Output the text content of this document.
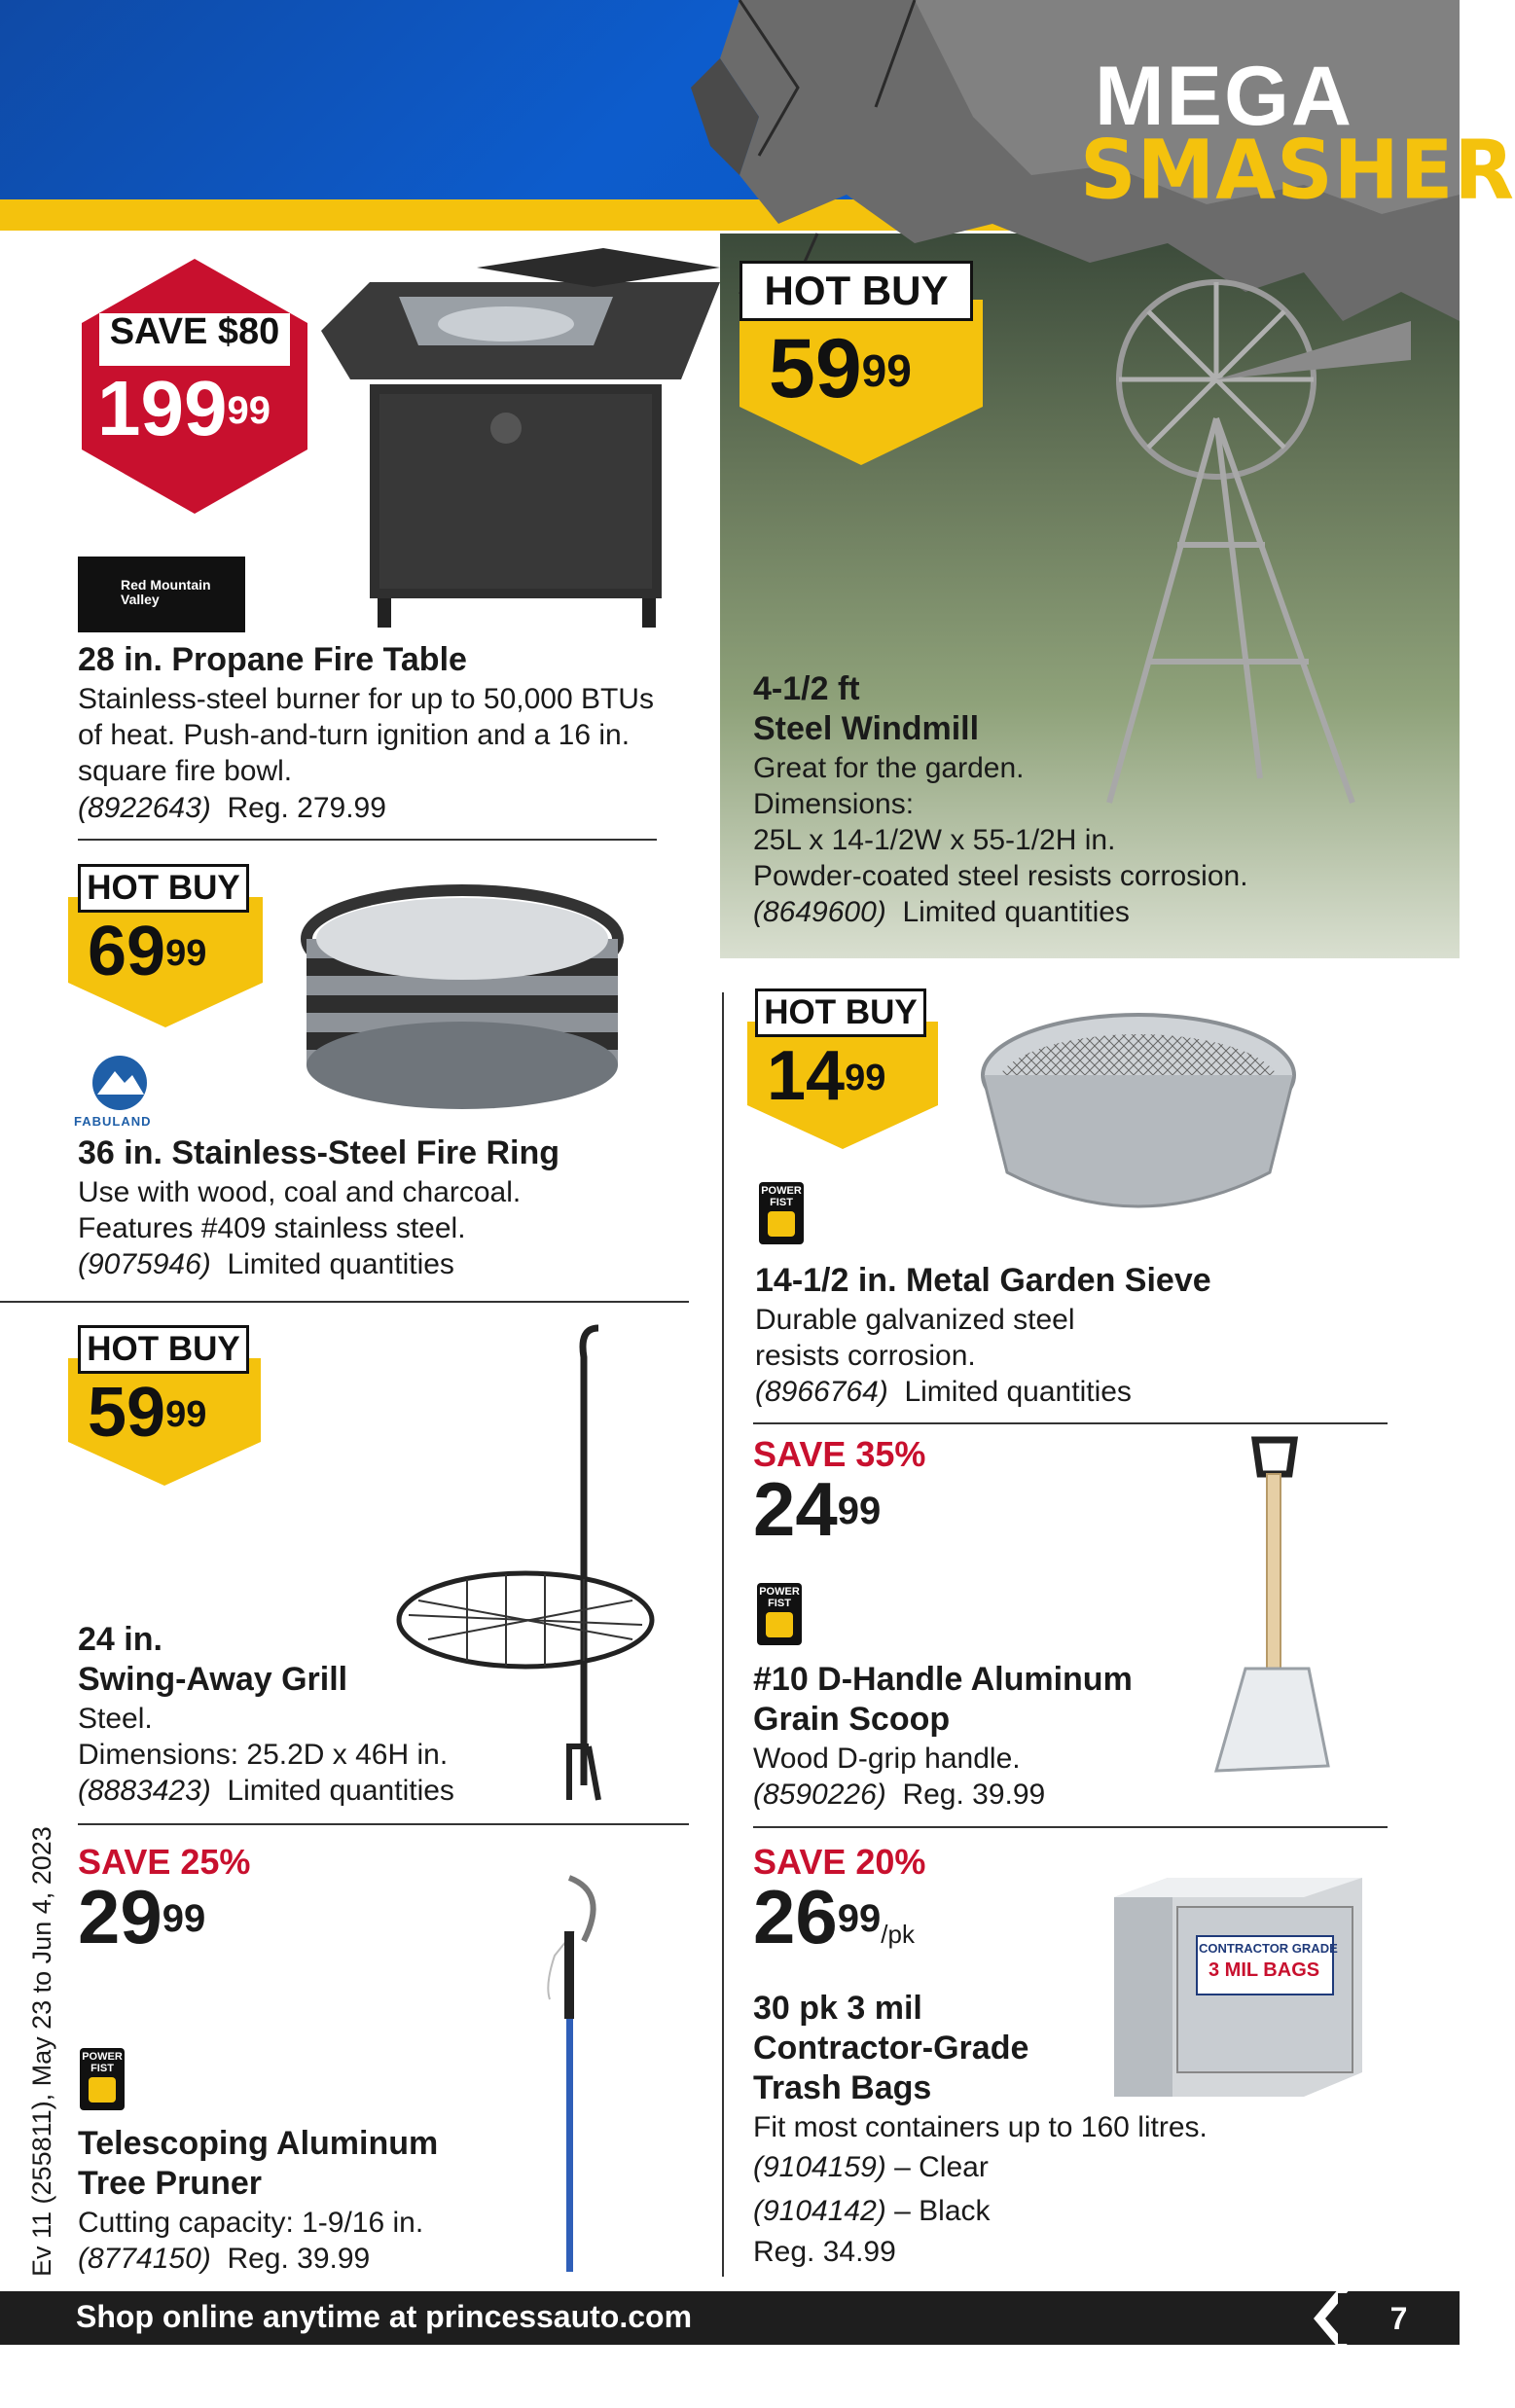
MEGA
SMASHER
SAVE $80
$199^{99}$
Red Mountain Valley
28 in. Propane Fire Table
Stainless-steel burner for up to 50,000 BTUs
of heat. Push-and-turn ignition and a 16 in.
square fire bowl.
(8922643) Reg. 279.99
HOT BUY
$59^{99}$
4-1/2 ft
Steel Windmill
Great for the garden.
Dimensions:
25L x 14-1/2W x 55-1/2H in.
Powder-coated steel resists corrosion.
(8649600) Limited quantities
HOT BUY
$69^{99}$
FABULAND
36 in. Stainless-Steel Fire Ring
Use with wood, coal and charcoal.
Features #409 stainless steel.
(9075946) Limited quantities
HOT BUY
$14^{99}$
POWER FIST
14-1/2 in. Metal Garden Sieve
Durable galvanized steel
resists corrosion.
(8966764) Limited quantities
HOT BUY
$59^{99}$
24 in.
Swing-Away Grill
Steel.
Dimensions: 25.2D x 46H in.
(8883423) Limited quantities
SAVE 35%
$24^{99}$
POWER FIST
#10 D-Handle Aluminum
Grain Scoop
Wood D-grip handle.
(8590226) Reg. 39.99
SAVE 25%
$29^{99}$
POWER FIST
Telescoping Aluminum
Tree Pruner
Cutting capacity: 1-9/16 in.
(8774150) Reg. 39.99
SAVE 20%
$26^{99}/pk$	CONTRACTOR GRADE
3 MIL BAGS
30 pk 3 mil
Contractor-Grade
Trash Bags
Fit most containers up to 160 litres.
(9104159) – Clear
(9104142) – Black
Reg. 34.99
Ev 11 (255811), May 23 to Jun 4, 2023
Shop online anytime at princessauto.com	7
